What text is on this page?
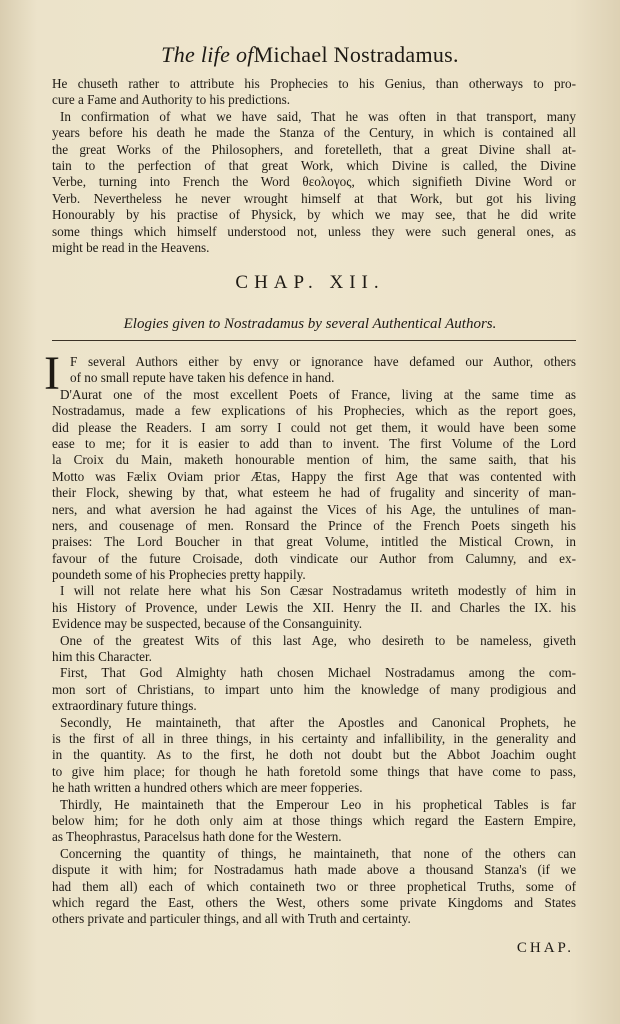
The life ofMichael Nostradamus.
He chuseth rather to attribute his Prophecies to his Genius, than otherways to pro-
cure a Fame and Authority to his predictions.
In confirmation of what we have said, That he was often in that transport, many
years before his death he made the Stanza of the Century, in which is contained all
the great Works of the Philosophers, and foretelleth, that a great Divine shall at-
tain to the perfection of that great Work, which Divine is called, the Divine
Verbe, turning into French the Word θεολογος, which signifieth Divine Word or
Verb. Nevertheless he never wrought himself at that Work, but got his living
Honourably by his practise of Physick, by which we may see, that he did write
some things which himself understood not, unless they were such general ones, as
might be read in the Heavens.
CHAP. XII.
Elogies given to Nostradamus by several Authentical Authors.
I F several Authors either by envy or ignorance have defamed our Author, others
of no small repute have taken his defence in hand.
D'Aurat one of the most excellent Poets of France, living at the same time as
Nostradamus, made a few explications of his Prophecies, which as the report goes,
did please the Readers. I am sorry I could not get them, it would have been some
ease to me; for it is easier to add than to invent. The first Volume of the Lord
la Croix du Main, maketh honourable mention of him, the same saith, that his
Motto was Fælix Oviam prior Ætas, Happy the first Age that was contented with
their Flock, shewing by that, what esteem he had of frugality and sincerity of man-
ners, and what aversion he had against the Vices of his Age, the untulines of man-
ners, and cousenage of men. Ronsard the Prince of the French Poets singeth his
praises: The Lord Boucher in that great Volume, intitled the Mistical Crown, in
favour of the future Croisade, doth vindicate our Author from Calumny, and ex-
poundeth some of his Prophecies pretty happily.
I will not relate here what his Son Cæsar Nostradamus writeth modestly of him in
his History of Provence, under Lewis the XII. Henry the II. and Charles the IX. his
Evidence may be suspected, because of the Consanguinity.
One of the greatest Wits of this last Age, who desireth to be nameless, giveth
him this Character.
First, That God Almighty hath chosen Michael Nostradamus among the com-
mon sort of Christians, to impart unto him the knowledge of many prodigious and
extraordinary future things.
Secondly, He maintaineth, that after the Apostles and Canonical Prophets, he
is the first of all in three things, in his certainty and infallibility, in the generality and
in the quantity. As to the first, he doth not doubt but the Abbot Joachim ought
to give him place; for though he hath foretold some things that have come to pass,
he hath written a hundred others which are meer fopperies.
Thirdly, He maintaineth that the Emperour Leo in his prophetical Tables is far
below him; for he doth only aim at those things which regard the Eastern Empire,
as Theophrastus, Paracelsus hath done for the Western.
Concerning the quantity of things, he maintaineth, that none of the others can
dispute it with him; for Nostradamus hath made above a thousand Stanza's (if we
had them all) each of which containeth two or three prophetical Truths, some of
which regard the East, others the West, others some private Kingdoms and States
others private and particuler things, and all with Truth and certainty.
CHAP.
